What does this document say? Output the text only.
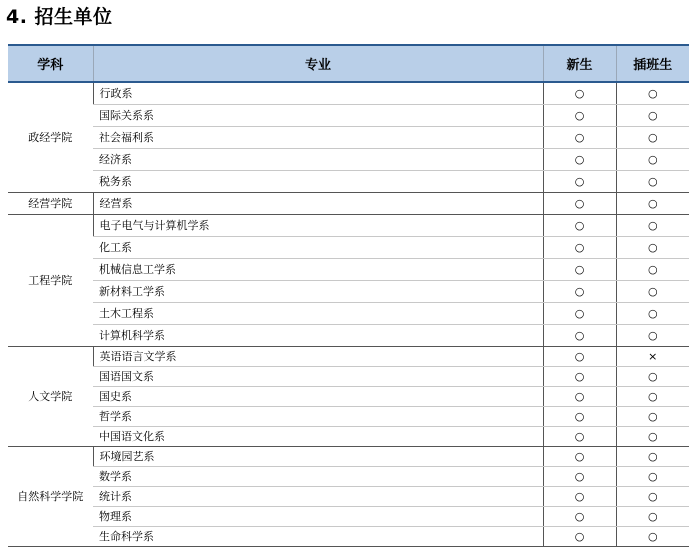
4. 招生单位
学科	专业	新生	插班生
政经学院	行政系	○	○
	国际关系系	○	○
	社会福利系	○	○
	经济系	○	○
	税务系	○	○
经营学院	经营系	○	○
工程学院	电子电气与计算机学系	○	○
	化工系	○	○
	机械信息工学系	○	○
	新材料工学系	○	○
	土木工程系	○	○
	计算机科学系	○	○
人文学院	英语语言文学系	○	×
	国语国文系	○	○
	国史系	○	○
	哲学系	○	○
	中国语文化系	○	○
自然科学学院	环境园艺系	○	○
	数学系	○	○
	统计系	○	○
	物理系	○	○
	生命科学系	○	○
